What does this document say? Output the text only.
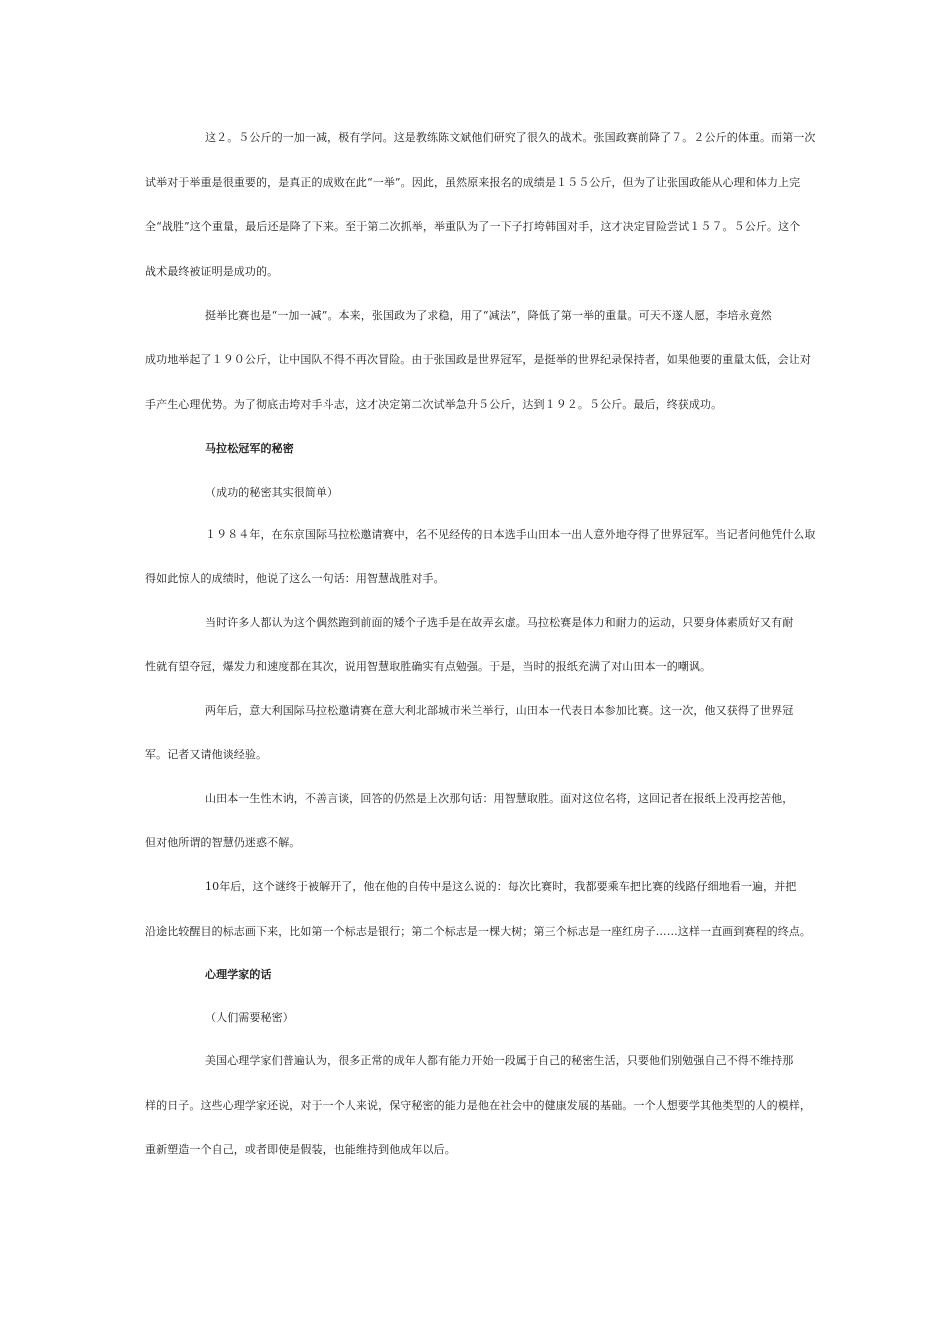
这２。５公斤的一加一减，极有学问。这是教练陈文斌他们研究了很久的战术。张国政赛前降了７。２公斤的体重。而第一次
试举对于举重是很重要的，是真正的成败在此“一举”。因此，虽然原来报名的成绩是１５５公斤，但为了让张国政能从心理和体力上完
全“战胜”这个重量，最后还是降了下来。至于第二次抓举，举重队为了一下子打垮韩国对手，这才决定冒险尝试１５７。５公斤。这个
战术最终被证明是成功的。
挺举比赛也是“一加一减”。本来，张国政为了求稳，用了“减法”，降低了第一举的重量。可天不遂人愿，李培永竟然
成功地举起了１９０公斤，让中国队不得不再次冒险。由于张国政是世界冠军，是挺举的世界纪录保持者，如果他要的重量太低，会让对
手产生心理优势。为了彻底击垮对手斗志，这才决定第二次试举急升５公斤，达到１９２。５公斤。最后，终获成功。
马拉松冠军的秘密
（成功的秘密其实很简单）
１９８４年，在东京国际马拉松邀请赛中，名不见经传的日本选手山田本一出人意外地夺得了世界冠军。当记者问他凭什么取
得如此惊人的成绩时，他说了这么一句话：用智慧战胜对手。
当时许多人都认为这个偶然跑到前面的矮个子选手是在故弄玄虚。马拉松赛是体力和耐力的运动，只要身体素质好又有耐
性就有望夺冠，爆发力和速度都在其次，说用智慧取胜确实有点勉强。于是，当时的报纸充满了对山田本一的嘲讽。
两年后，意大利国际马拉松邀请赛在意大利北部城市米兰举行，山田本一代表日本参加比赛。这一次，他又获得了世界冠
军。记者又请他谈经验。
山田本一生性木讷，不善言谈，回答的仍然是上次那句话：用智慧取胜。面对这位名将，这回记者在报纸上没再挖苦他，
但对他所谓的智慧仍迷惑不解。
10年后，这个谜终于被解开了，他在他的自传中是这么说的：每次比赛时，我都要乘车把比赛的线路仔细地看一遍，并把
沿途比较醒目的标志画下来，比如第一个标志是银行；第二个标志是一棵大树；第三个标志是一座红房子……这样一直画到赛程的终点。
心理学家的话
（人们需要秘密）
美国心理学家们普遍认为，很多正常的成年人都有能力开始一段属于自己的秘密生活，只要他们别勉强自己不得不维持那
样的日子。这些心理学家还说，对于一个人来说，保守秘密的能力是他在社会中的健康发展的基础。一个人想要学其他类型的人的模样，
重新塑造一个自己，或者即使是假装，也能维持到他成年以后。
